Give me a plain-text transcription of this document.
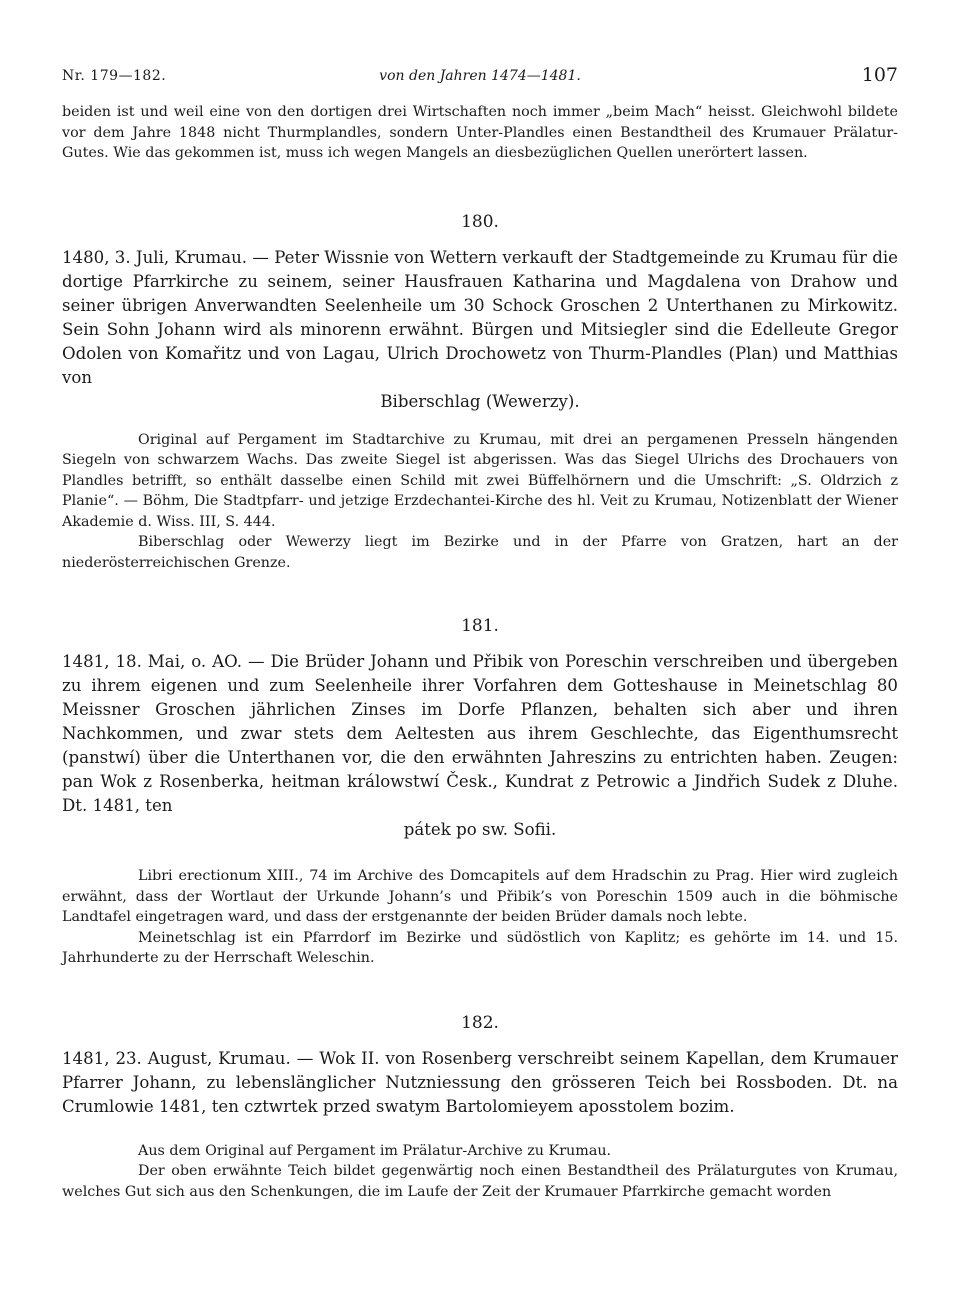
Nr. 179—182.	von den Jahren 1474—1481.	107

beiden ist und weil eine von den dortigen drei Wirtschaften noch immer „beim Mach“ heisst. Gleichwohl bildete vor dem Jahre 1848 nicht Thurmplandles, sondern Unter-Plandles einen Bestandtheil des Krumauer Prälatur-Gutes. Wie das gekommen ist, muss ich wegen Mangels an diesbezüglichen Quellen unerörtert lassen.

180.

1480, 3. Juli, Krumau. — Peter Wissnie von Wettern verkauft der Stadtgemeinde zu Krumau für die dortige Pfarrkirche zu seinem, seiner Hausfrauen Katharina und Magdalena von Drahow und seiner übrigen Anverwandten Seelenheile um 30 Schock Groschen 2 Unterthanen zu Mirkowitz. Sein Sohn Johann wird als minorenn erwähnt. Bürgen und Mitsiegler sind die Edelleute Gregor Odolen von Komařitz und von Lagau, Ulrich Drochowetz von Thurm-Plandles (Plan) und Matthias von
Biberschlag (Wewerzy).

Original auf Pergament im Stadtarchive zu Krumau, mit drei an pergamenen Presseln hängenden Siegeln von schwarzem Wachs. Das zweite Siegel ist abgerissen. Was das Siegel Ulrichs des Drochauers von Plandles betrifft, so enthält dasselbe einen Schild mit zwei Büffelhörnern und die Umschrift: „S. Oldrzich z Planie“. — Böhm, Die Stadtpfarr- und jetzige Erzdechantei-Kirche des hl. Veit zu Krumau, Notizenblatt der Wiener Akademie d. Wiss. III, S. 444.

Biberschlag oder Wewerzy liegt im Bezirke und in der Pfarre von Gratzen, hart an der niederösterreichischen Grenze.

181.

1481, 18. Mai, o. AO. — Die Brüder Johann und Přibik von Poreschin verschreiben und übergeben zu ihrem eigenen und zum Seelenheile ihrer Vorfahren dem Gotteshause in Meinetschlag 80 Meissner Groschen jährlichen Zinses im Dorfe Pflanzen, behalten sich aber und ihren Nachkommen, und zwar stets dem Aeltesten aus ihrem Geschlechte, das Eigenthumsrecht (panstwí) über die Unterthanen vor, die den erwähnten Jahreszins zu entrichten haben. Zeugen: pan Wok z Rosenberka, heitman králowstwí Česk., Kundrat z Petrowic a Jindřich Sudek z Dluhe. Dt. 1481, ten
pátek po sw. Sofii.

Libri erectionum XIII., 74 im Archive des Domcapitels auf dem Hradschin zu Prag. Hier wird zugleich erwähnt, dass der Wortlaut der Urkunde Johann’s und Přibik’s von Poreschin 1509 auch in die böhmische Landtafel eingetragen ward, und dass der erstgenannte der beiden Brüder damals noch lebte.

Meinetschlag ist ein Pfarrdorf im Bezirke und südöstlich von Kaplitz; es gehörte im 14. und 15. Jahrhunderte zu der Herrschaft Weleschin.

182.

1481, 23. August, Krumau. — Wok II. von Rosenberg verschreibt seinem Kapellan, dem Krumauer Pfarrer Johann, zu lebenslänglicher Nutzniessung den grösseren Teich bei Rossboden. Dt. na Crumlowie 1481, ten cztwrtek przed swatym Bartolomieyem aposstolem bozim.

Aus dem Original auf Pergament im Prälatur-Archive zu Krumau.

Der oben erwähnte Teich bildet gegenwärtig noch einen Bestandtheil des Prälaturgutes von Krumau, welches Gut sich aus den Schenkungen, die im Laufe der Zeit der Krumauer Pfarrkirche gemacht worden
